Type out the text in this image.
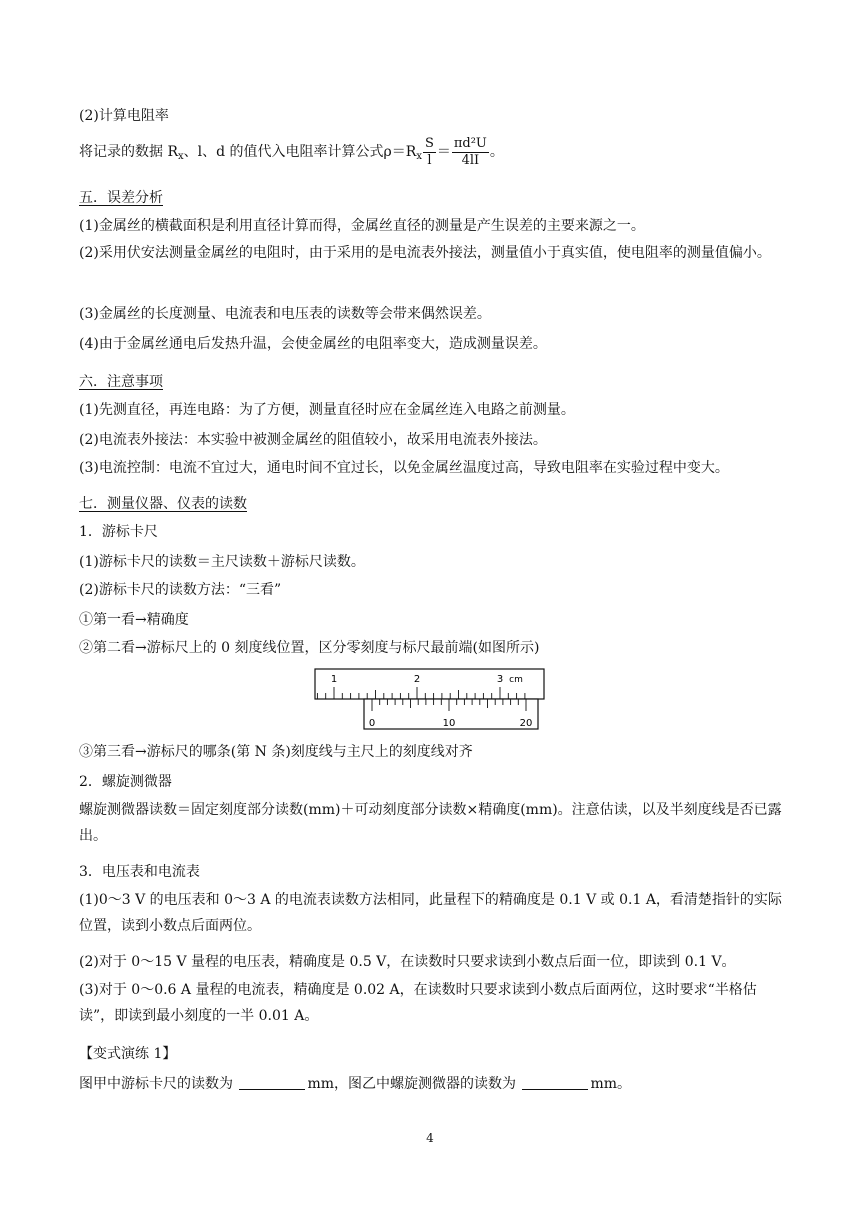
(2)计算电阻率
将记录的数据 $R_x$、l、d 的值代入电阻率计算公式$\rho=R_x \frac{S}{l} = \frac{\text{πd²U}}{4lI}$ 。
五．误差分析
(1)金属丝的横截面积是利用直径计算而得，金属丝直径的测量是产生误差的主要来源之一。
(2)采用伏安法测量金属丝的电阻时，由于采用的是电流表外接法，测量值小于真实值，使电阻率的测量值偏小。
(3)金属丝的长度测量、电流表和电压表的读数等会带来偶然误差。
(4)由于金属丝通电后发热升温，会使金属丝的电阻率变大，造成测量误差。
六．注意事项
(1)先测直径，再连电路：为了方便，测量直径时应在金属丝连入电路之前测量。
(2)电流表外接法：本实验中被测金属丝的阻值较小，故采用电流表外接法。
(3)电流控制：电流不宜过大，通电时间不宜过长，以免金属丝温度过高，导致电阻率在实验过程中变大。
七．测量仪器、仪表的读数
1．游标卡尺
(1)游标卡尺的读数＝主尺读数＋游标尺读数。
(2)游标卡尺的读数方法：“三看”
①第一看→精确度
②第二看→游标尺上的 0 刻度线位置，区分零刻度与标尺最前端(如图所示)
1	2	3 cm
0	10	20
③第三看→游标尺的哪条(第 N 条)刻度线与主尺上的刻度线对齐
2．螺旋测微器
螺旋测微器读数＝固定刻度部分读数(mm)＋可动刻度部分读数×精确度(mm)。注意估读，以及半刻度线是否已露出。
3．电压表和电流表
(1)0～3 V 的电压表和 0～3 A 的电流表读数方法相同，此量程下的精确度是 0.1 V 或 0.1 A，看清楚指针的实际位置，读到小数点后面两位。
(2)对于 0～15 V 量程的电压表，精确度是 0.5 V，在读数时只要求读到小数点后面一位，即读到 0.1 V。
(3)对于 0～0.6 A 量程的电流表，精确度是 0.02 A，在读数时只要求读到小数点后面两位，这时要求“半格估读”，即读到最小刻度的一半 0.01 A。
【变式演练 1】
图甲中游标卡尺的读数为	mm，图乙中螺旋测微器的读数为	mm。
4
